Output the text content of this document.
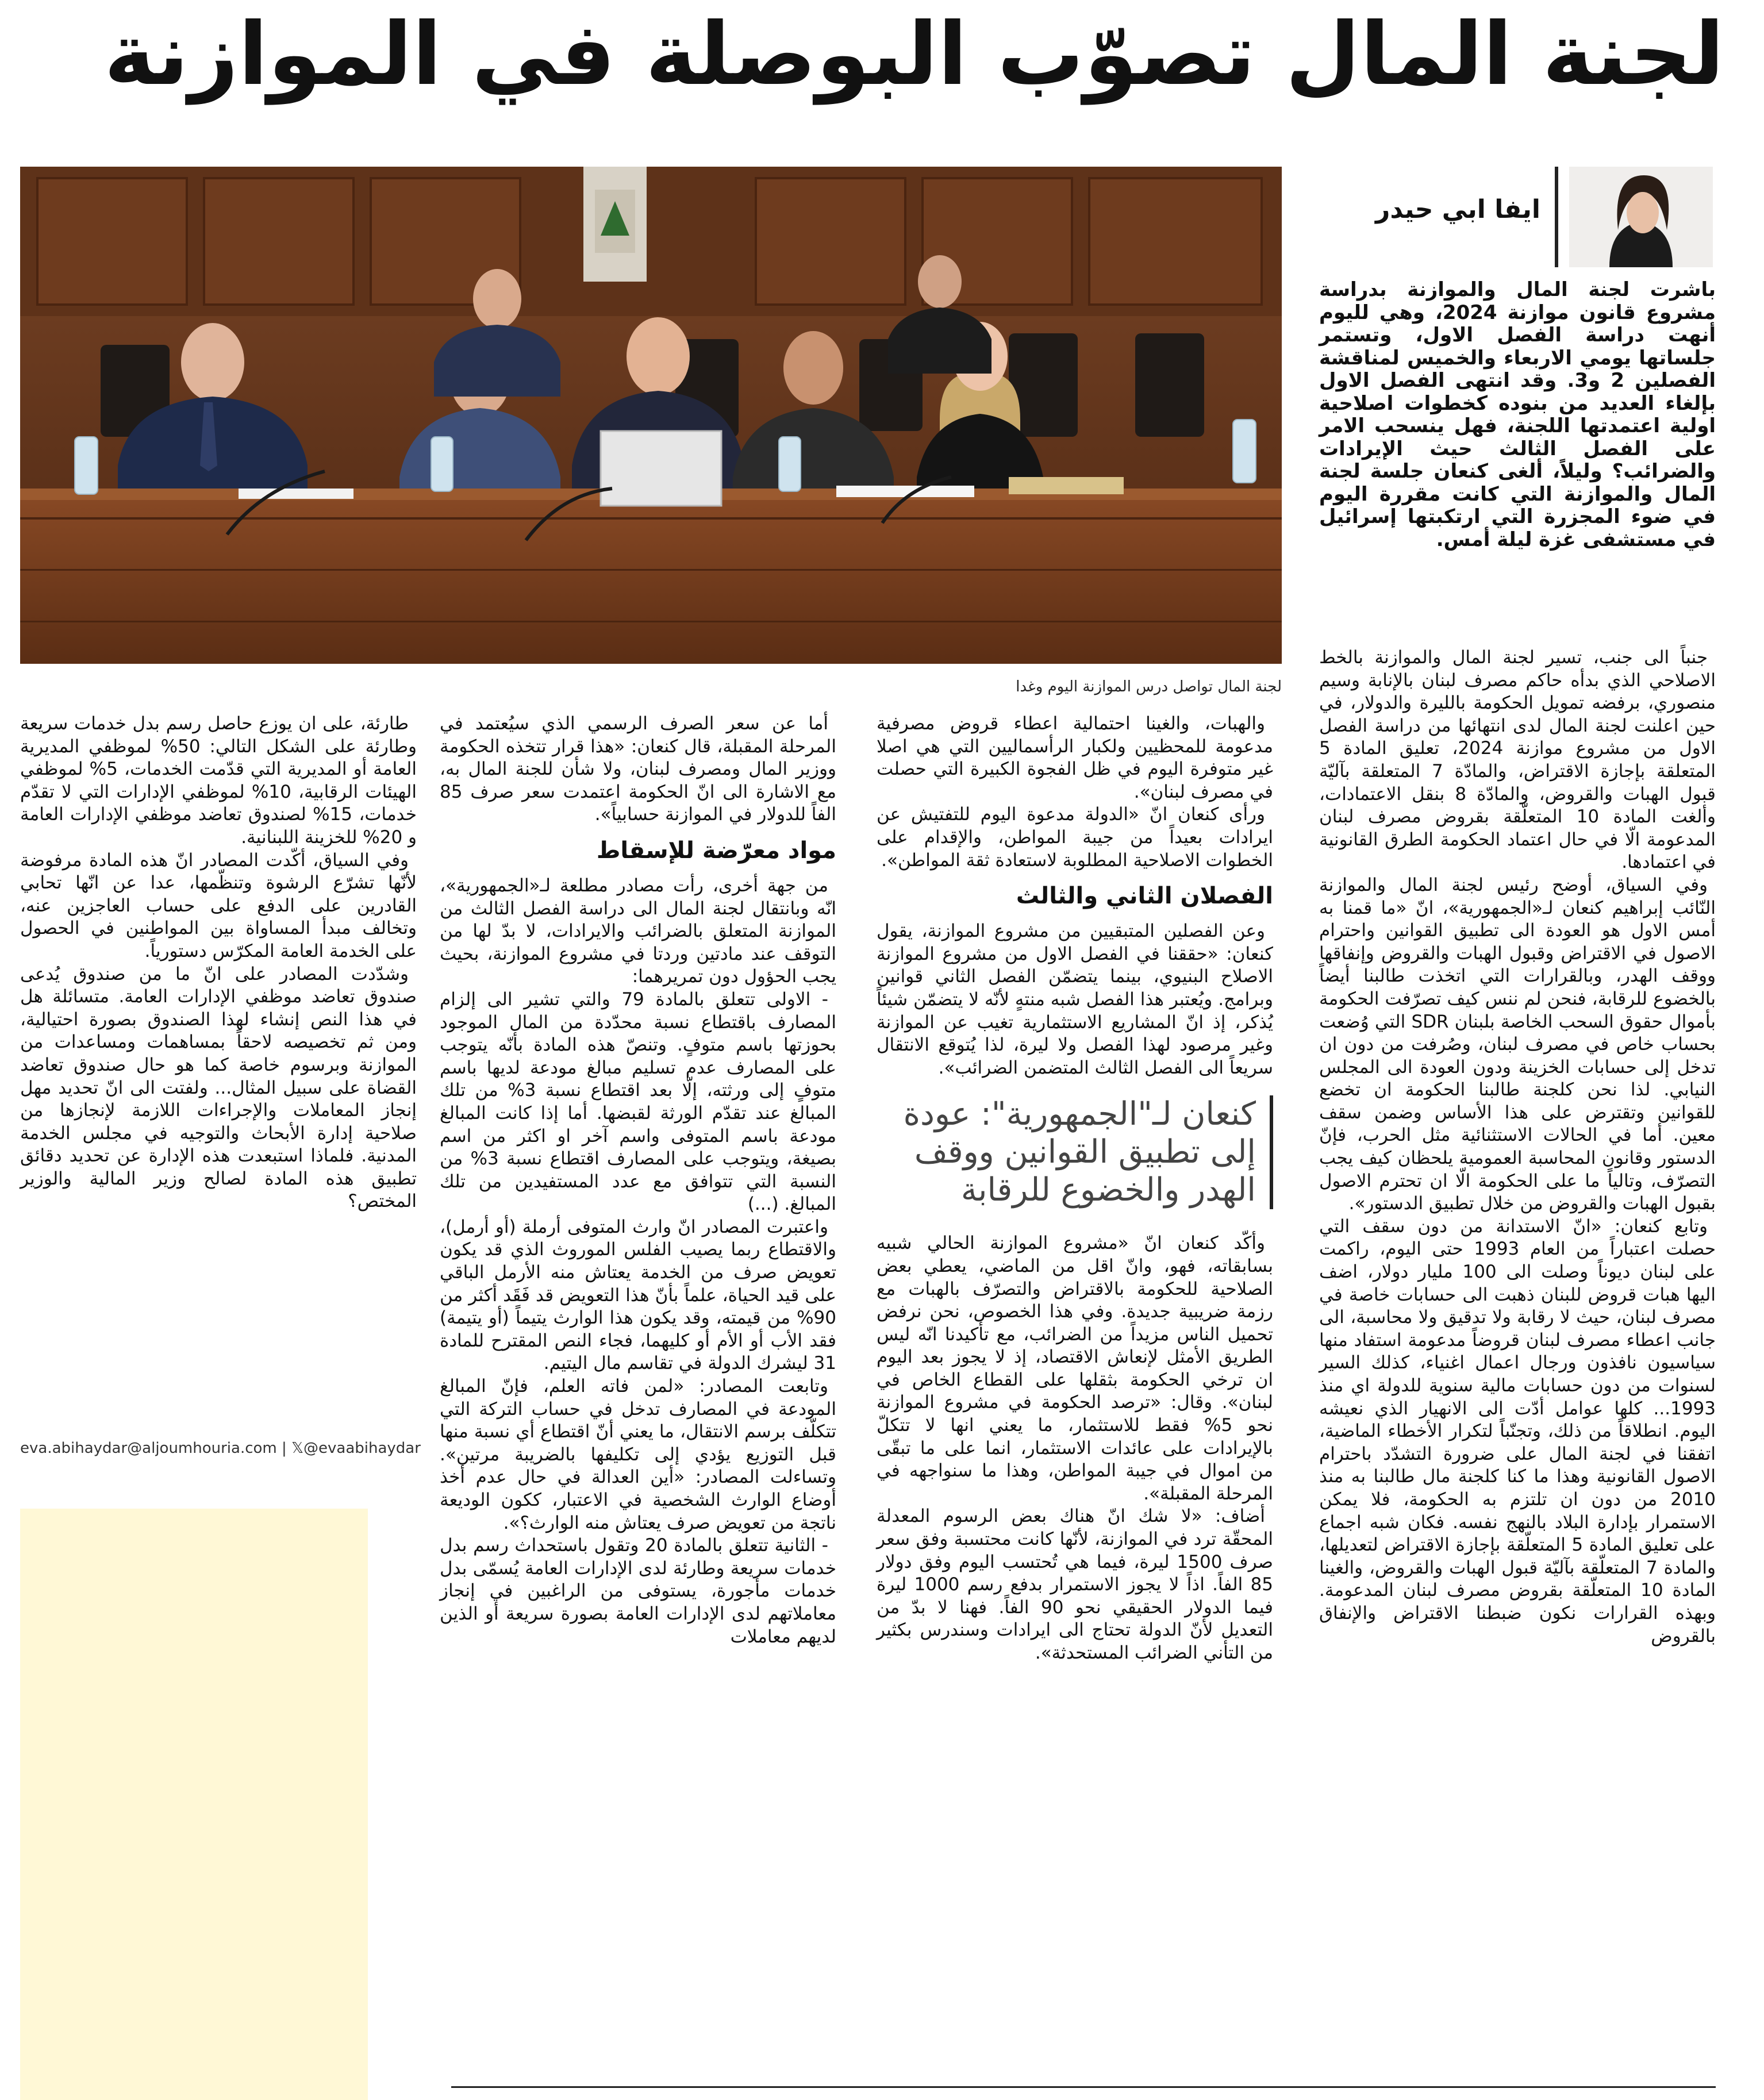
لجنة المال تصوّب البوصلة في الموازنة
لجنة المال تواصل درس الموازنة اليوم وغدا
ايفا ابي حيدر
باشرت لجنة المال والموازنة بدراسة مشروع قانون موازنة 2024، وهي لليوم أنهت دراسة الفصل الاول، وتستمر جلساتها يومي الاربعاء والخميس لمناقشة الفصلين 2 و3. وقد انتهى الفصل الاول بإلغاء العديد من بنوده كخطوات اصلاحية اولية اعتمدتها اللجنة، فهل ينسحب الامر على الفصل الثالث حيث الإيرادات والضرائب؟ وليلاً، ألغى كنعان جلسة لجنة المال والموازنة التي كانت مقررة اليوم في ضوء المجزرة التي ارتكبتها إسرائيل في مستشفى غزة ليلة أمس.

جنباً الى جنب، تسير لجنة المال والموازنة بالخط الاصلاحي الذي بدأه حاكم مصرف لبنان بالإنابة وسيم منصوري، برفضه تمويل الحكومة بالليرة والدولار، في حين اعلنت لجنة المال لدى انتهائها من دراسة الفصل الاول من مشروع موازنة 2024، تعليق المادة 5 المتعلقة بإجازة الاقتراض، والمادّة 7 المتعلقة بآليّة قبول الهبات والقروض، والمادّة 8 بنقل الاعتمادات، وألغت المادة 10 المتعلّقة بقروض مصرف لبنان المدعومة الّا في حال اعتماد الحكومة الطرق القانونية في اعتمادها.

وفي السياق، أوضح رئيس لجنة المال والموازنة النّائب إبراهيم كنعان لـ«الجمهورية»، انّ «ما قمنا به أمس الاول هو العودة الى تطبيق القوانين واحترام الاصول في الاقتراض وقبول الهبات والقروض وإنفاقها ووقف الهدر، وبالقرارات التي اتخذت طالبنا أيضاً بالخضوع للرقابة، فنحن لم ننس كيف تصرّفت الحكومة بأموال حقوق السحب الخاصة بلبنان SDR التي وُضعت بحساب خاص في مصرف لبنان، وصُرفت من دون ان تدخل إلى حسابات الخزينة ودون العودة الى المجلس النيابي. لذا نحن كلجنة طالبنا الحكومة ان تخضع للقوانين وتقترض على هذا الأساس وضمن سقف معين. أما في الحالات الاستثنائية مثل الحرب، فإنّ الدستور وقانون المحاسبة العمومية يلحظان كيف يجب التصرّف، وتالياً ما على الحكومة الّا ان تحترم الاصول بقبول الهبات والقروض من خلال تطبيق الدستور».

وتابع كنعان: «انّ الاستدانة من دون سقف التي حصلت اعتباراً من العام 1993 حتى اليوم، راكمت على لبنان ديوناً وصلت الى 100 مليار دولار، اضف اليها هبات قروض للبنان ذهبت الى حسابات خاصة في مصرف لبنان، حيث لا رقابة ولا تدقيق ولا محاسبة، الى جانب اعطاء مصرف لبنان قروضاً مدعومة استفاد منها سياسيون نافذون ورجال اعمال اغنياء، كذلك السير لسنوات من دون حسابات مالية سنوية للدولة اي منذ 1993... كلها عوامل أدّت الى الانهيار الذي نعيشه اليوم. انطلاقاً من ذلك، وتجنّباً لتكرار الأخطاء الماضية، اتفقنا في لجنة المال على ضرورة التشدّد باحترام الاصول القانونية وهذا ما كنا كلجنة مال طالبنا به منذ 2010 من دون ان تلتزم به الحكومة، فلا يمكن الاستمرار بإدارة البلاد بالنهج نفسه. فكان شبه اجماع على تعليق المادة 5 المتعلّقة بإجازة الاقتراض لتعديلها، والمادة 7 المتعلّقة بآليّة قبول الهبات والقروض، والغينا المادة 10 المتعلّقة بقروض مصرف لبنان المدعومة. وبهذه القرارات نكون ضبطنا الاقتراض والإنفاق بالقروض

والهبات، والغينا احتمالية اعطاء قروض مصرفية مدعومة للمحظيين ولكبار الرأسماليين التي هي اصلا غير متوفرة اليوم في ظل الفجوة الكبيرة التي حصلت في مصرف لبنان».

ورأى كنعان انّ «الدولة مدعوة اليوم للتفتيش عن ايرادات بعيداً من جيبة المواطن، والإقدام على الخطوات الاصلاحية المطلوبة لاستعادة ثقة المواطن».

الفصلان الثاني والثالث

وعن الفصلين المتبقيين من مشروع الموازنة، يقول كنعان: «حققنا في الفصل الاول من مشروع الموازنة الاصلاح البنيوي، بينما يتضمّن الفصل الثاني قوانين وبرامج. ويُعتبر هذا الفصل شبه منتهٍ لأنّه لا يتضمّن شيئاً يُذكر، إذ انّ المشاريع الاستثمارية تغيب عن الموازنة وغير مرصود لهذا الفصل ولا ليرة، لذا يُتوقع الانتقال سريعاً الى الفصل الثالث المتضمن الضرائب».

كنعان لـ"الجمهورية": عودة إلى تطبيق القوانين ووقف الهدر والخضوع للرقابة

وأكّد كنعان انّ «مشروع الموازنة الحالي شبيه بسابقاته، فهو، وانّ اقل من الماضي، يعطي بعض الصلاحية للحكومة بالاقتراض والتصرّف بالهبات مع رزمة ضريبية جديدة. وفي هذا الخصوص، نحن نرفض تحميل الناس مزيداً من الضرائب، مع تأكيدنا انّه ليس الطريق الأمثل لإنعاش الاقتصاد، إذ لا يجوز بعد اليوم ان ترخي الحكومة بثقلها على القطاع الخاص في لبنان». وقال: «ترصد الحكومة في مشروع الموازنة نحو 5% فقط للاستثمار، ما يعني انها لا تتكلّ بالإيرادات على عائدات الاستثمار، انما على ما تبقّى من اموال في جيبة المواطن، وهذا ما سنواجهه في المرحلة المقبلة».

أضاف: «لا شك انّ هناك بعض الرسوم المعدلة المحقّة ترد في الموازنة، لأنّها كانت محتسبة وفق سعر صرف 1500 ليرة، فيما هي تُحتسب اليوم وفق دولار 85 الفاً. اذاً لا يجوز الاستمرار بدفع رسم 1000 ليرة فيما الدولار الحقيقي نحو 90 الفاً. فهنا لا بدّ من التعديل لأنّ الدولة تحتاج الى ايرادات وسندرس بكثير من التأني الضرائب المستحدثة».

أما عن سعر الصرف الرسمي الذي سيُعتمد في المرحلة المقبلة، قال كنعان: «هذا قرار تتخذه الحكومة ووزير المال ومصرف لبنان، ولا شأن للجنة المال به، مع الاشارة الى انّ الحكومة اعتمدت سعر صرف 85 الفاً للدولار في الموازنة حسابياً».

مواد معرّضة للإسقاط

من جهة أخرى، رأت مصادر مطلعة لـ«الجمهورية»، انّه وبانتقال لجنة المال الى دراسة الفصل الثالث من الموازنة المتعلق بالضرائب والايرادات، لا بدّ لها من التوقف عند مادتين وردتا في مشروع الموازنة، بحيث يجب الحؤول دون تمريرهما:

- الاولى تتعلق بالمادة 79 والتي تشير الى إلزام المصارف باقتطاع نسبة محدّدة من المال الموجود بحوزتها باسم متوفٍ. وتنصّ هذه المادة بأنّه يتوجب على المصارف عدم تسليم مبالغ مودعة لديها باسم متوفٍ إلى ورثته، إلّا بعد اقتطاع نسبة 3% من تلك المبالغ عند تقدّم الورثة لقبضها. أما إذا كانت المبالغ مودعة باسم المتوفى واسم آخر او اكثر من اسم بصيغة، ويتوجب على المصارف اقتطاع نسبة 3% من النسبة التي تتوافق مع عدد المستفيدين من تلك المبالغ. (...)

واعتبرت المصادر انّ وارث المتوفى أرملة (أو أرمل)، والاقتطاع ربما يصيب الفلس الموروث الذي قد يكون تعويض صرف من الخدمة يعتاش منه الأرمل الباقي على قيد الحياة، علماً بأنّ هذا التعويض قد فَقَد أكثر من 90% من قيمته، وقد يكون هذا الوارث يتيماً (أو يتيمة) فقد الأب أو الأم أو كليهما، فجاء النص المقترح للمادة 31 ليشرك الدولة في تقاسم مال اليتيم.

وتابعت المصادر: «لمن فاته العلم، فإنّ المبالغ المودعة في المصارف تدخل في حساب التركة التي تتكلّف برسم الانتقال، ما يعني أنّ اقتطاع أي نسبة منها قبل التوزيع يؤدي إلى تكليفها بالضريبة مرتين». وتساءلت المصادر: «أين العدالة في حال عدم أخذ أوضاع الوارث الشخصية في الاعتبار، ككون الوديعة ناتجة من تعويض صرف يعتاش منه الوارث؟».

- الثانية تتعلق بالمادة 20 وتقول باستحداث رسم بدل خدمات سريعة وطارئة لدى الإدارات العامة يُسمّى بدل خدمات مأجورة، يستوفى من الراغبين في إنجاز معاملاتهم لدى الإدارات العامة بصورة سريعة أو الذين لديهم معاملات

طارئة، على ان يوزع حاصل رسم بدل خدمات سريعة وطارئة على الشكل التالي: 50% لموظفي المديرية العامة أو المديرية التي قدّمت الخدمات، 5% لموظفي الهيئات الرقابية، 10% لموظفي الإدارات التي لا تقدّم خدمات، 15% لصندوق تعاضد موظفي الإدارات العامة و 20% للخزينة اللبنانية.

وفي السياق، أكّدت المصادر انّ هذه المادة مرفوضة لأنّها تشرّع الرشوة وتنظّمها، عدا عن انّها تحابي القادرين على الدفع على حساب العاجزين عنه، وتخالف مبدأ المساواة بين المواطنين في الحصول على الخدمة العامة المكرّس دستورياً.

وشدّدت المصادر على انّ ما من صندوق يُدعى صندوق تعاضد موظفي الإدارات العامة. متسائلة هل في هذا النص إنشاء لهذا الصندوق بصورة احتيالية، ومن ثم تخصيصه لاحقاً بمساهمات ومساعدات من الموازنة وبرسوم خاصة كما هو حال صندوق تعاضد القضاة على سبيل المثال... ولفتت الى انّ تحديد مهل إنجاز المعاملات والإجراءات اللازمة لإنجازها من صلاحية إدارة الأبحاث والتوجيه في مجلس الخدمة المدنية. فلماذا استبعدت هذه الإدارة عن تحديد دقائق تطبيق هذه المادة لصالح وزير المالية والوزير المختص؟

eva.abihaydar@aljoumhouria.com | 𝕏@evaabihaydar
